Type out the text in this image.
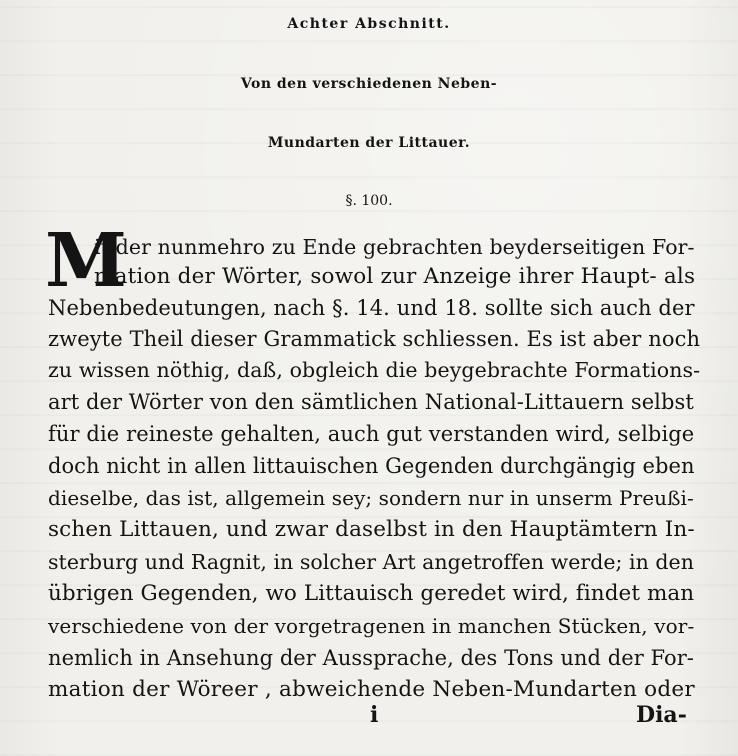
Achter Abschnitt.
Von den verschiedenen Neben-
Mundarten der Littauer.
§. 100.
M
it der nunmehro zu Ende gebrachten beyderseitigen For-
mation der Wörter, sowol zur Anzeige ihrer Haupt- als
Nebenbedeutungen, nach §. 14. und 18. sollte sich auch der
zweyte Theil dieser Grammatick schliessen. Es ist aber noch
zu wissen nöthig, daß, obgleich die beygebrachte Formations-
art der Wörter von den sämtlichen National-Littauern selbst
für die reineste gehalten, auch gut verstanden wird, selbige
doch nicht in allen littauischen Gegenden durchgängig eben
dieselbe, das ist, allgemein sey; sondern nur in unserm Preußi-
schen Littauen, und zwar daselbst in den Hauptämtern In-
sterburg und Ragnit, in solcher Art angetroffen werde; in den
übrigen Gegenden, wo Littauisch geredet wird, findet man
verschiedene von der vorgetragenen in manchen Stücken, vor-
nemlich in Ansehung der Aussprache, des Tons und der For-
mation der Wöreer , abweichende Neben-Mundarten oder
i	Dia-
